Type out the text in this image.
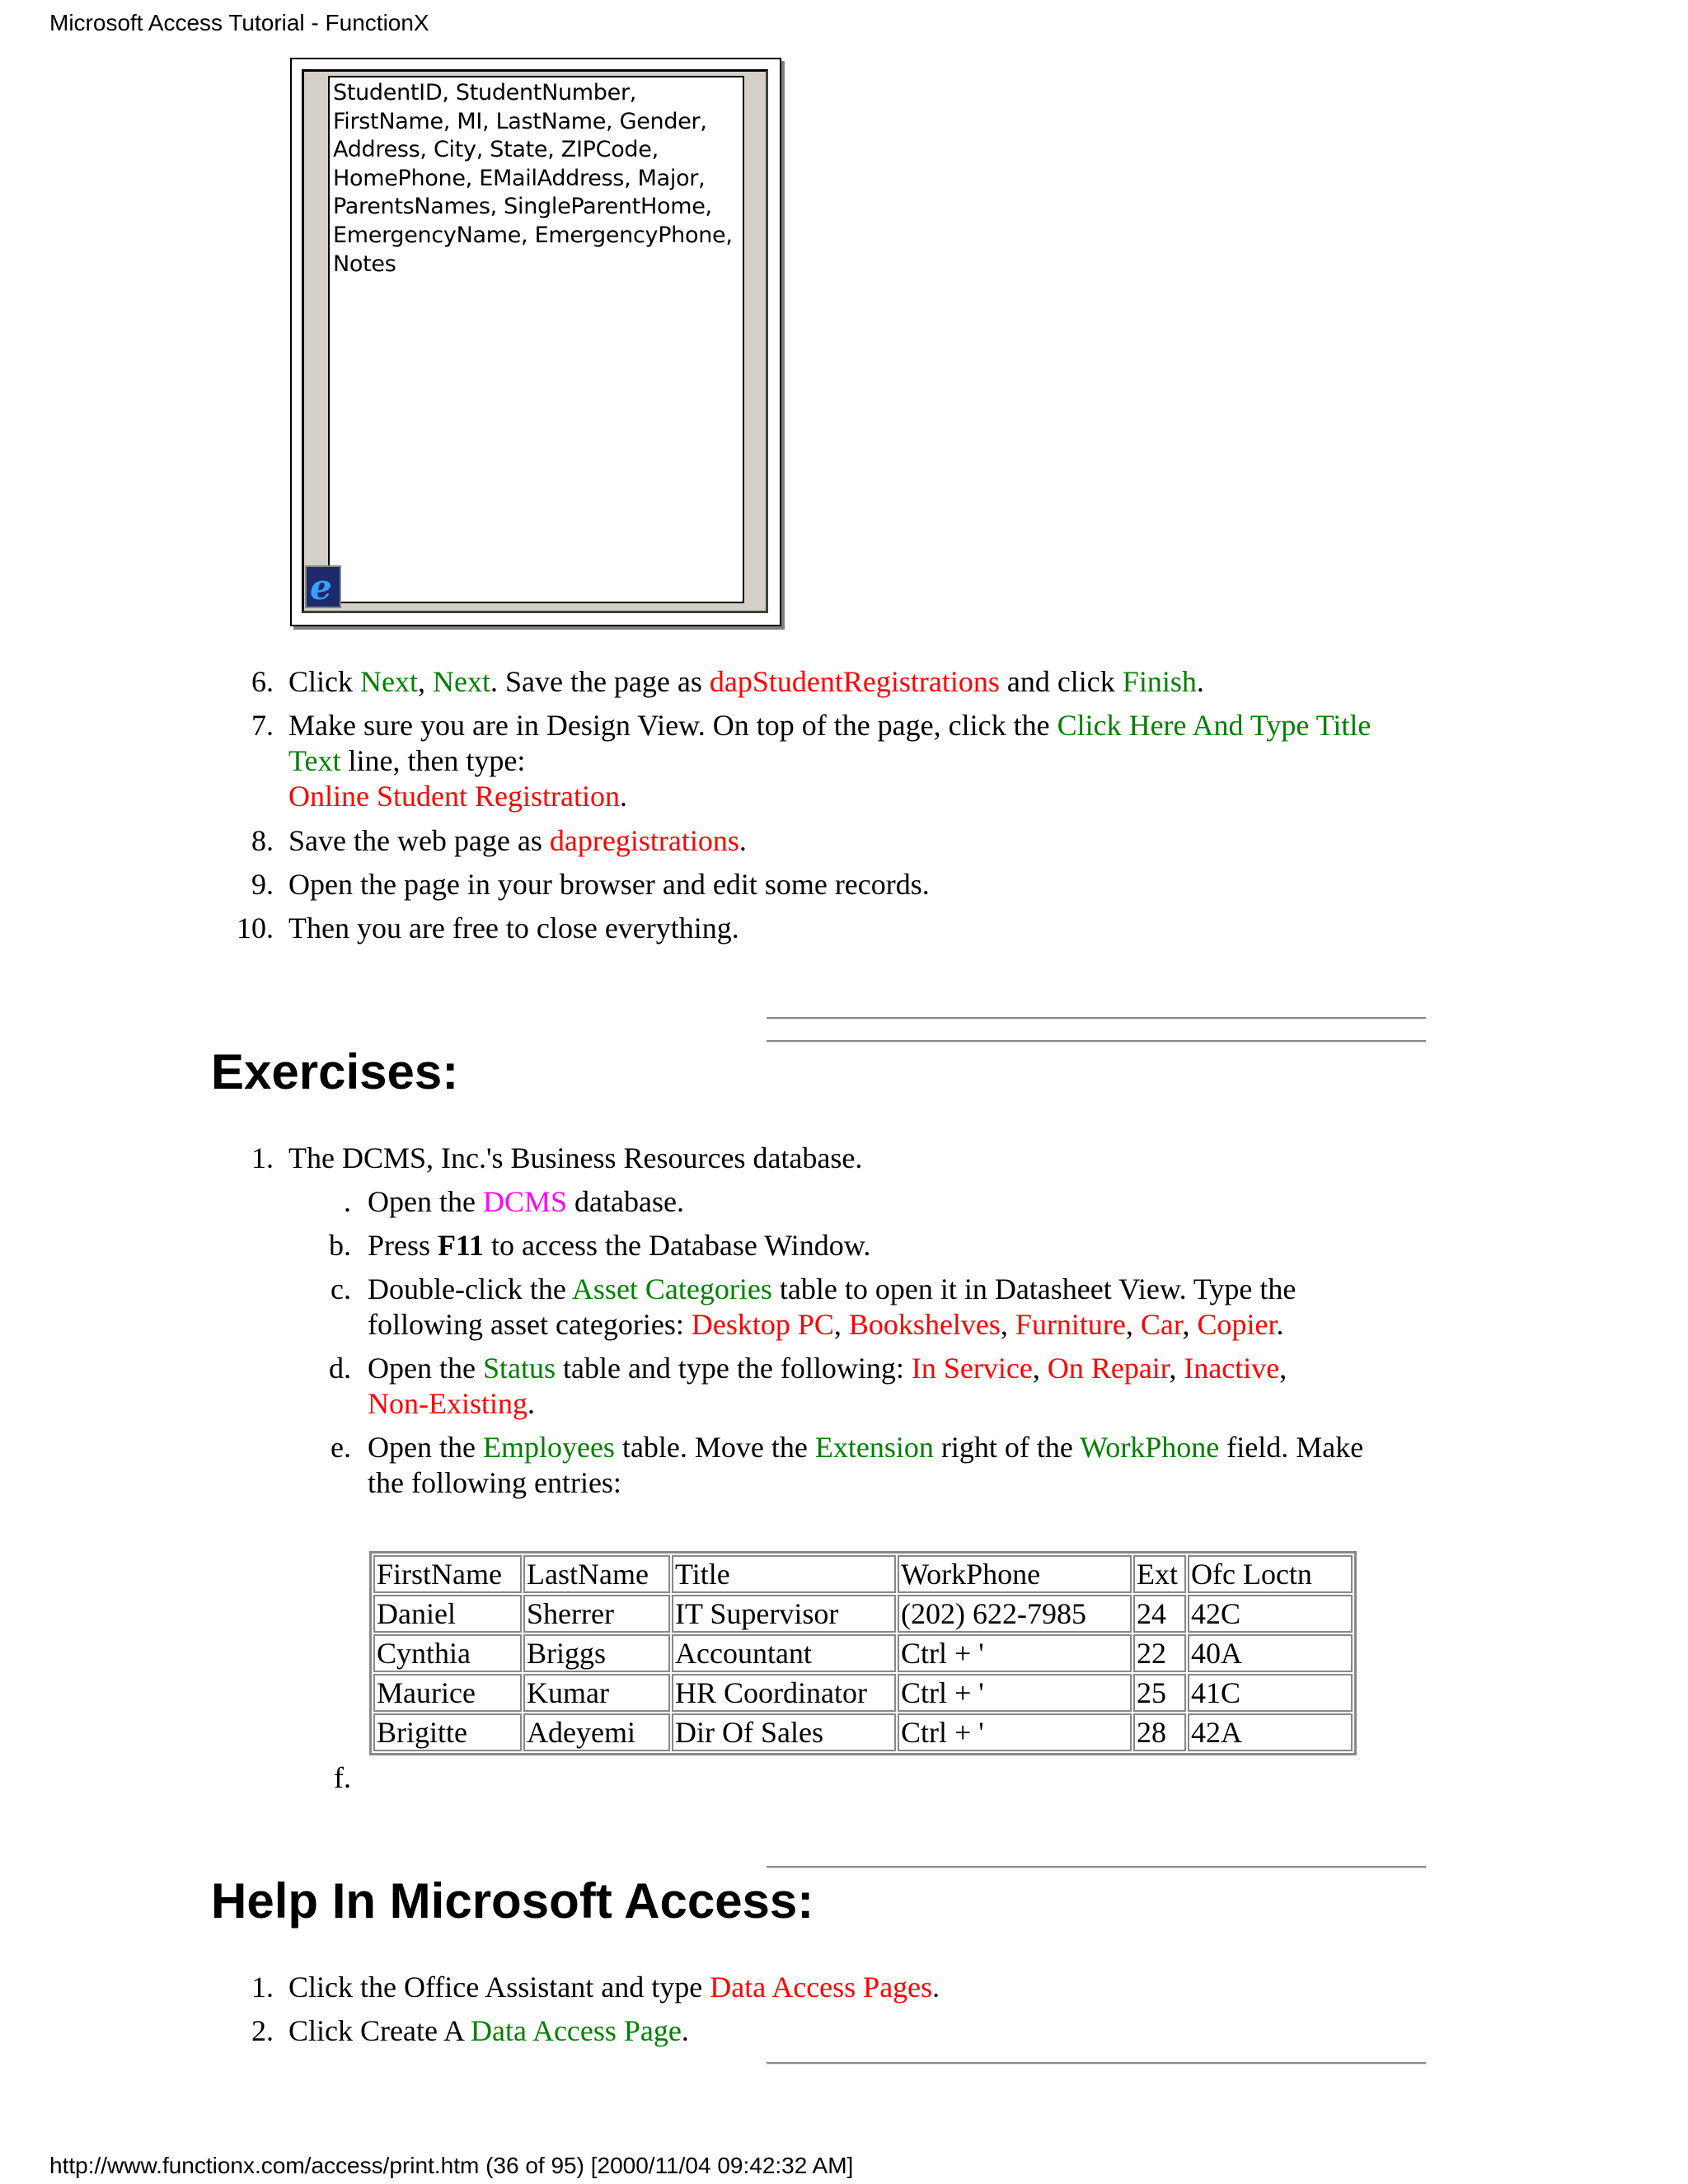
Microsoft Access Tutorial - FunctionX
StudentID, StudentNumber,
FirstName, MI, LastName, Gender,
Address, City, State, ZIPCode,
HomePhone, EMailAddress, Major,
ParentsNames, SingleParentHome,
EmergencyName, EmergencyPhone,
Notes
e
6. Click Next, Next. Save the page as dapStudentRegistrations and click Finish.
7. Make sure you are in Design View. On top of the page, click the Click Here And Type Title
Text line, then type:
Online Student Registration.
8. Save the web page as dapregistrations.
9. Open the page in your browser and edit some records.
10. Then you are free to close everything.
Exercises:
1. The DCMS, Inc.'s Business Resources database.
. Open the DCMS database.
b. Press F11 to access the Database Window.
c. Double-click the Asset Categories table to open it in Datasheet View. Type the
following asset categories: Desktop PC, Bookshelves, Furniture, Car, Copier.
d. Open the Status table and type the following: In Service, On Repair, Inactive,
Non-Existing.
e. Open the Employees table. Move the Extension right of the WorkPhone field. Make
the following entries:
FirstName	LastName	Title	WorkPhone	Ext	Ofc Loctn
Daniel	Sherrer	IT Supervisor	(202) 622-7985	24	42C
Cynthia	Briggs	Accountant	Ctrl + '	22	40A
Maurice	Kumar	HR Coordinator	Ctrl + '	25	41C
Brigitte	Adeyemi	Dir Of Sales	Ctrl + '	28	42A
f.
Help In Microsoft Access:
1. Click the Office Assistant and type Data Access Pages.
2. Click Create A Data Access Page.
http://www.functionx.com/access/print.htm (36 of 95) [2000/11/04 09:42:32 AM]
